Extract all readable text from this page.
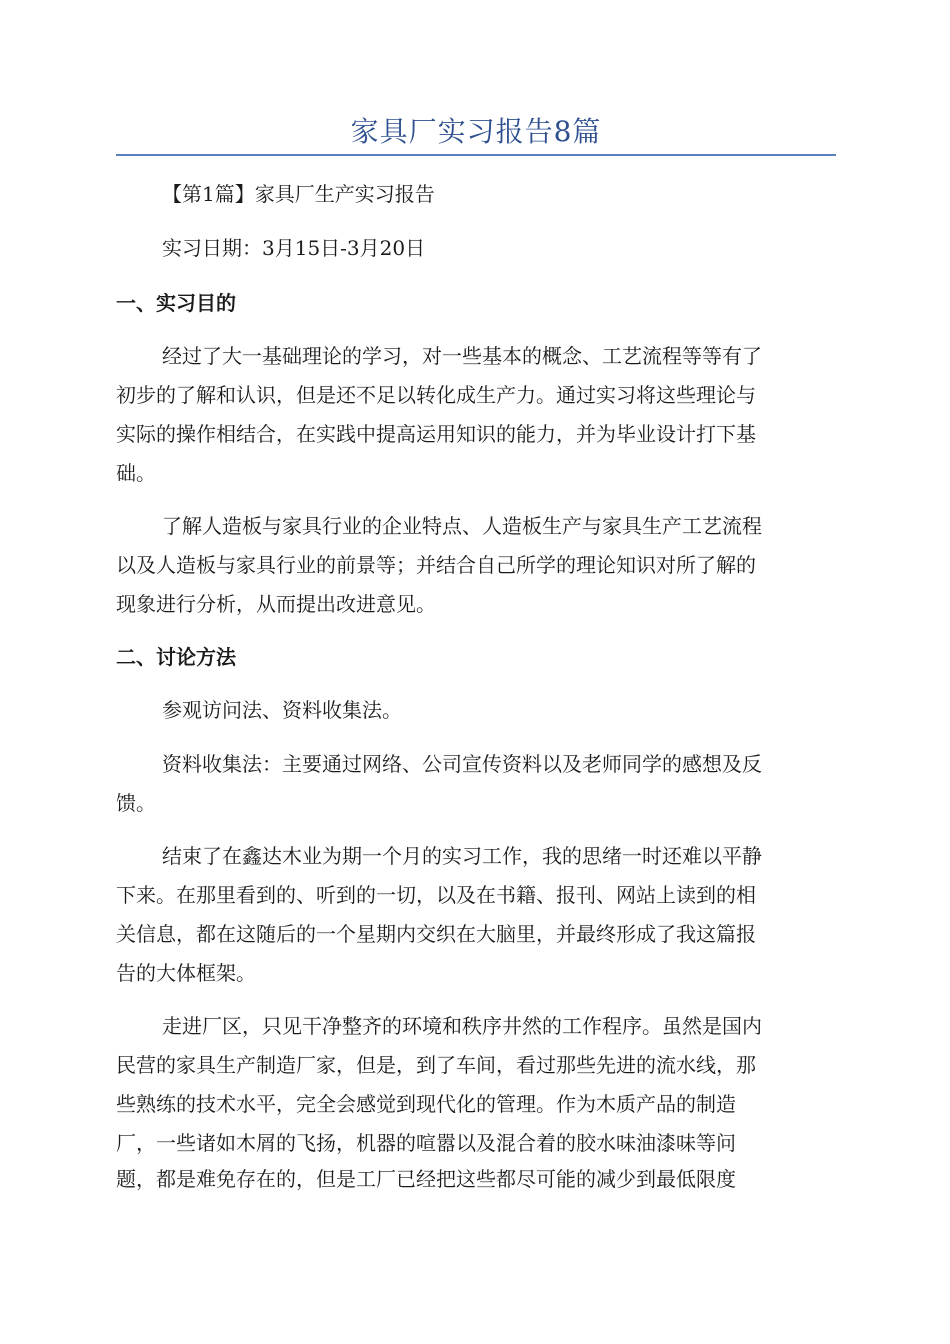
家具厂实习报告8篇
【第1篇】家具厂生产实习报告
实习日期：3月15日-3月20日
一、实习目的
经过了大一基础理论的学习，对一些基本的概念、工艺流程等等有了
初步的了解和认识，但是还不足以转化成生产力。通过实习将这些理论与
实际的操作相结合，在实践中提高运用知识的能力，并为毕业设计打下基
础。
了解人造板与家具行业的企业特点、人造板生产与家具生产工艺流程
以及人造板与家具行业的前景等；并结合自己所学的理论知识对所了解的
现象进行分析，从而提出改进意见。
二、讨论方法
参观访问法、资料收集法。
资料收集法：主要通过网络、公司宣传资料以及老师同学的感想及反
馈。
结束了在鑫达木业为期一个月的实习工作，我的思绪一时还难以平静
下来。在那里看到的、听到的一切，以及在书籍、报刊、网站上读到的相
关信息，都在这随后的一个星期内交织在大脑里，并最终形成了我这篇报
告的大体框架。
走进厂区，只见干净整齐的环境和秩序井然的工作程序。虽然是国内
民营的家具生产制造厂家，但是，到了车间，看过那些先进的流水线，那
些熟练的技术水平，完全会感觉到现代化的管理。作为木质产品的制造
厂，一些诸如木屑的飞扬，机器的喧嚣以及混合着的胶水味油漆味等问
题，都是难免存在的，但是工厂已经把这些都尽可能的减少到最低限度
